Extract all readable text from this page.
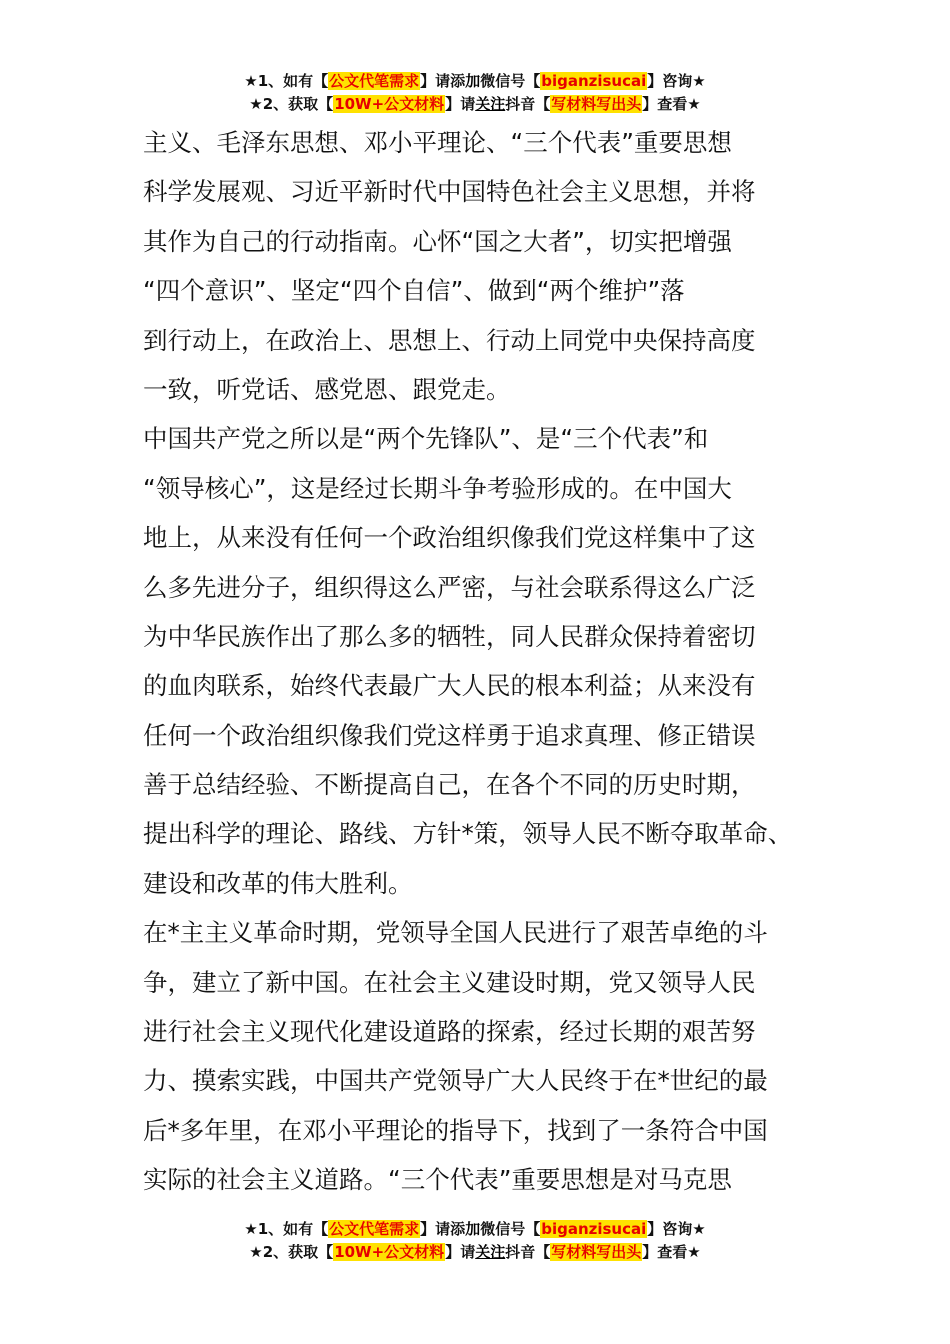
★1、如有【公文代笔需求】请添加微信号【biganzisucai】咨询★
★2、获取【10W+公文材料】请关注抖音【写材料写出头】查看★
主义、毛泽东思想、邓小平理论、“三个代表”重要思想
科学发展观、习近平新时代中国特色社会主义思想，并将
其作为自己的行动指南。心怀“国之大者”，切实把增强
“四个意识”、坚定“四个自信”、做到“两个维护”落
到行动上，在政治上、思想上、行动上同党中央保持高度
一致，听党话、感党恩、跟党走。
中国共产党之所以是“两个先锋队”、是“三个代表”和
“领导核心”，这是经过长期斗争考验形成的。在中国大
地上，从来没有任何一个政治组织像我们党这样集中了这
么多先进分子，组织得这么严密，与社会联系得这么广泛
为中华民族作出了那么多的牺牲，同人民群众保持着密切
的血肉联系，始终代表最广大人民的根本利益；从来没有
任何一个政治组织像我们党这样勇于追求真理、修正错误
善于总结经验、不断提高自己，在各个不同的历史时期，
提出科学的理论、路线、方针*策，领导人民不断夺取革命、
建设和改革的伟大胜利。
在*主主义革命时期，党领导全国人民进行了艰苦卓绝的斗
争，建立了新中国。在社会主义建设时期，党又领导人民
进行社会主义现代化建设道路的探索，经过长期的艰苦努
力、摸索实践，中国共产党领导广大人民终于在*世纪的最
后*多年里，在邓小平理论的指导下，找到了一条符合中国
实际的社会主义道路。“三个代表”重要思想是对马克思
★1、如有【公文代笔需求】请添加微信号【biganzisucai】咨询★
★2、获取【10W+公文材料】请关注抖音【写材料写出头】查看★
